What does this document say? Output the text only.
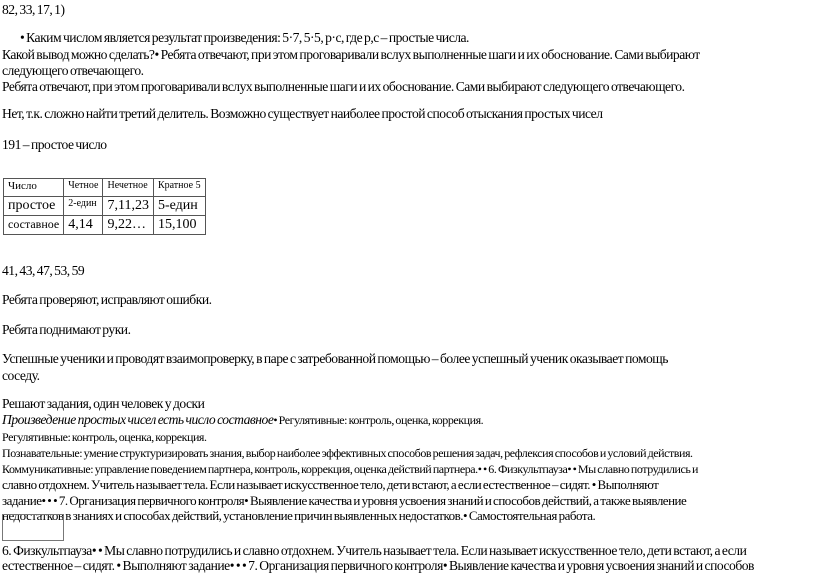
82, 33, 17, 1)
• Каким числом является результат произведения: 5·7, 5·5, р·с, где р,с – простые числа.
Какой вывод можно сделать?• Ребята отвечают, при этом проговаривали вслух выполненные шаги и их обоснование. Сами выбирают
следующего отвечающего.
Ребята отвечают, при этом проговаривали вслух выполненные шаги и их обоснование. Сами выбирают следующего отвечающего.
Нет, т.к. сложно найти третий делитель. Возможно существует наиболее простой способ отыскания простых чисел
191 – простое число
Число	Четное	Нечетное	Кратное 5
простое	2-един	7,11,23	5-един
составное	4,14	9,22…	15,100
41, 43, 47, 53, 59
Ребята проверяют, исправляют ошибки.
Ребята поднимают руки.
Успешные ученики и проводят взаимопроверку, в паре с затребованной помощью – более успешный ученик оказывает помощь
соседу.
Решают задания, один человек у доски
Произведение простых чисел есть число составное• Регулятивные: контроль, оценка, коррекция.
Регулятивные: контроль, оценка, коррекция.
Познавательные: умение структуризировать знания, выбор наиболее эффективных способов решения задач, рефлексия способов и условий действия.
Коммуникативные: управление поведением партнера, контроль, коррекция, оценка действий партнера.• • 6. Физкультпауза• • Мы славно потрудились и
славно отдохнем. Учитель называет тела. Если называет искусственное тело, дети встают, а если естественное – сидят. • Выполняют
задание• • • 7. Организация первичного контроля• Выявление качества и уровня усвоения знаний и способов действий, а также выявление
недостатков в знаниях и способах действий, установление причин выявленных недостатков.• Самостоятельная работа.
6. Физкультпауза• • Мы славно потрудились и славно отдохнем. Учитель называет тела. Если называет искусственное тело, дети встают, а если
естественное – сидят. • Выполняют задание• • • 7. Организация первичного контроля• Выявление качества и уровня усвоения знаний и способов
